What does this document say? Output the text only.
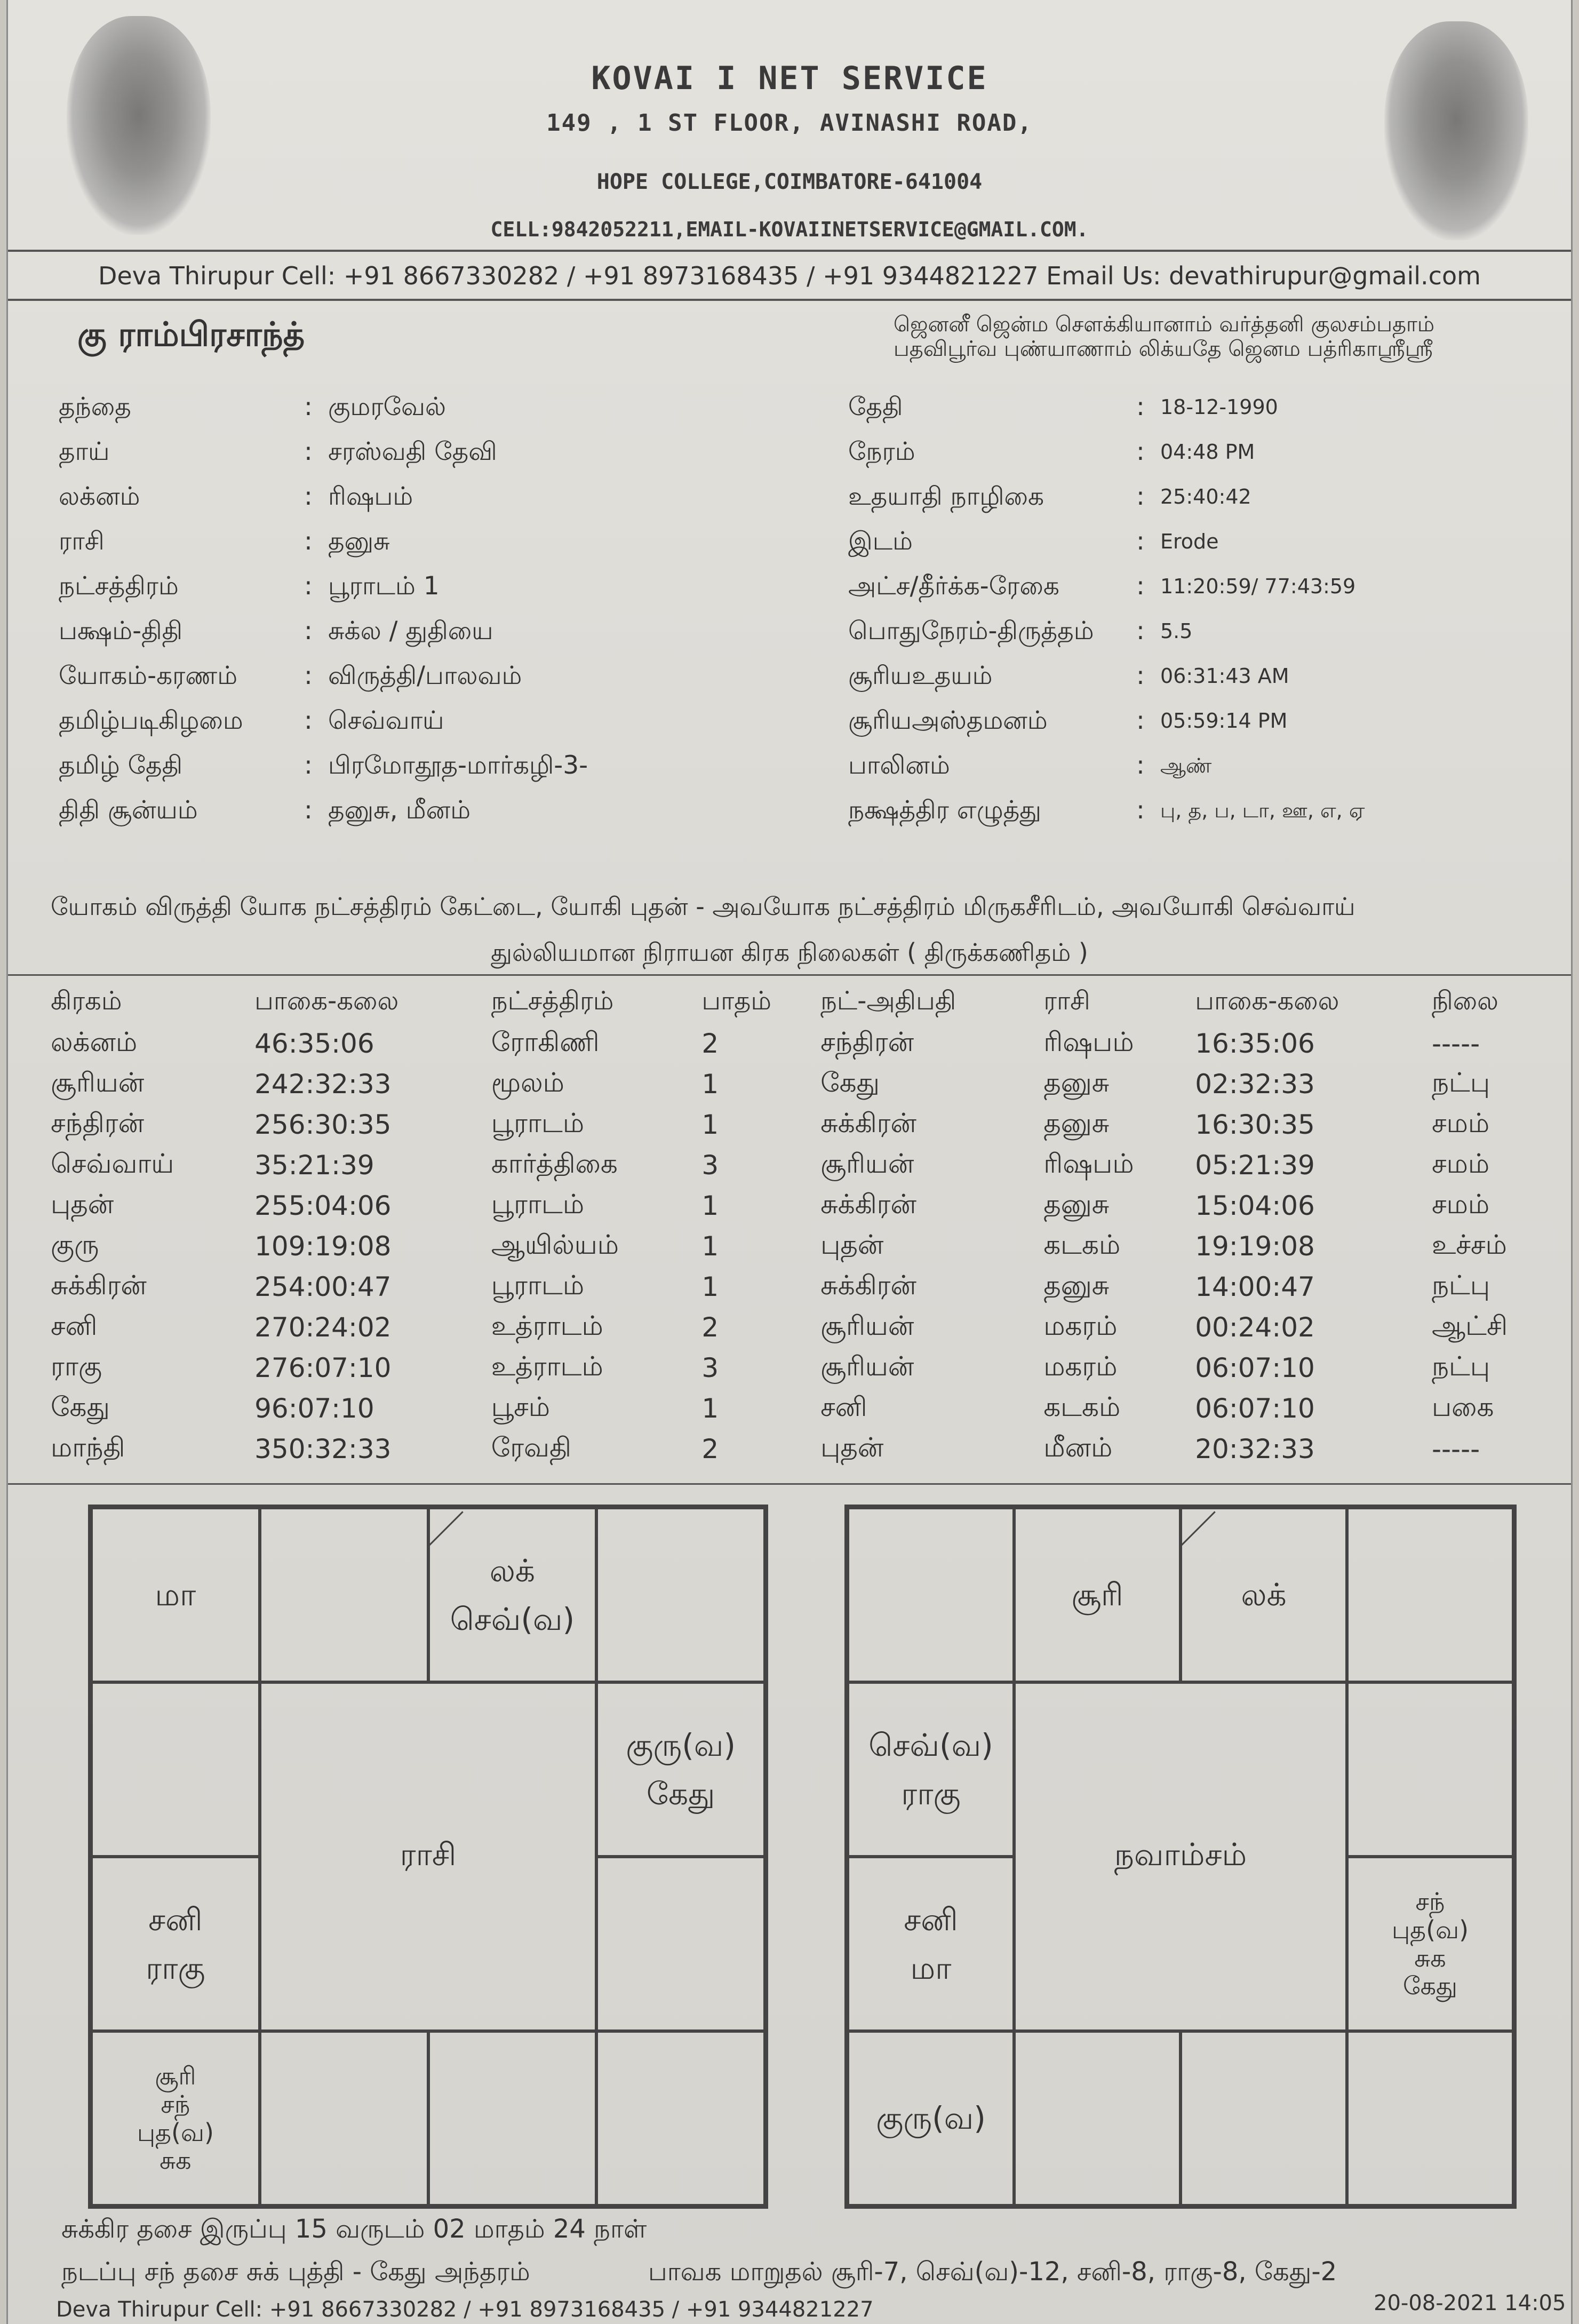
KOVAI I NET SERVICE
149 , 1 ST FLOOR, AVINASHI ROAD,
HOPE COLLEGE,COIMBATORE-641004
CELL:9842052211,EMAIL-KOVAIINETSERVICE@GMAIL.COM.
Deva Thirupur Cell: +91 8667330282 / +91 8973168435 / +91 9344821227 Email Us: devathirupur@gmail.com
கு ராம்பிரசாந்த்	ஜெனனீ ஜென்ம சௌக்கியானாம் வர்த்தனி குலசம்பதாம் பதவிபூர்வ புண்யாணாம் லிக்யதே ஜெனம பத்ரிகாஸ்ரீஸ்ரீ
தந்தை	: குமரவேல்
தாய்	: சரஸ்வதி தேவி
லக்னம்	: ரிஷபம்
ராசி	: தனுசு
நட்சத்திரம்	: பூராடம் 1
பக்ஷம்-திதி	: சுக்ல / துதியை
யோகம்-கரணம்	: விருத்தி/பாலவம்
தமிழ்படிகிழமை : செவ்வாய்
தமிழ் தேதி	: பிரமோதூத-மார்கழி-3-
திதி சூன்யம்	: தனுசு, மீனம்
தேதி	: 18-12-1990
நேரம்	: 04:48 PM
உதயாதி நாழிகை	: 25:40:42
இடம்	: Erode
அட்ச/தீர்க்க-ரேகை	: 11:20:59/ 77:43:59
பொதுநேரம்-திருத்தம் : 5.5
சூரியஉதயம்	: 06:31:43 AM
சூரியஅஸ்தமனம்	: 05:59:14 PM
பாலினம்	: ஆண்
நக்ஷத்திர எழுத்து	: பு, த, ப, டா, ஊ, எ, ஏ
யோகம் விருத்தி யோக நட்சத்திரம் கேட்டை, யோகி புதன் - அவயோக நட்சத்திரம் மிருகசீரிடம், அவயோகி செவ்வாய்
துல்லியமான நிராயன கிரக நிலைகள் ( திருக்கணிதம் )
கிரகம்	பாகை-கலை	நட்சத்திரம்	பாதம்	நட்-அதிபதி	ராசி	பாகை-கலை	நிலை
லக்னம்	46:35:06	ரோகிணி	2	சந்திரன்	ரிஷபம்	16:35:06	-----
சூரியன்	242:32:33	மூலம்	1	கேது	தனுசு	02:32:33	நட்பு
சந்திரன்	256:30:35	பூராடம்	1	சுக்கிரன்	தனுசு	16:30:35	சமம்
செவ்வாய்	35:21:39	கார்த்திகை	3	சூரியன்	ரிஷபம்	05:21:39	சமம்
புதன்	255:04:06	பூராடம்	1	சுக்கிரன்	தனுசு	15:04:06	சமம்
குரு	109:19:08	ஆயில்யம்	1	புதன்	கடகம்	19:19:08	உச்சம்
சுக்கிரன்	254:00:47	பூராடம்	1	சுக்கிரன்	தனுசு	14:00:47	நட்பு
சனி	270:24:02	உத்ராடம்	2	சூரியன்	மகரம்	00:24:02	ஆட்சி
ராகு	276:07:10	உத்ராடம்	3	சூரியன்	மகரம்	06:07:10	நட்பு
கேது	96:07:10	பூசம்	1	சனி	கடகம்	06:07:10	பகை
மாந்தி	350:32:33	ரேவதி	2	புதன்	மீனம்	20:32:33	-----
மா
லக்
செவ்(வ)
குரு(வ)
கேது
சனி
ராகு
சூரி
சந்
புத(வ)
சுக
ராசி
சூரி	லக்
செவ்(வ)
ராகு
சனி
மா
சந்
புத(வ)
சுக
கேது
குரு(வ)
நவாம்சம்
சுக்கிர தசை இருப்பு 15 வருடம் 02 மாதம் 24 நாள்
நடப்பு சந் தசை சுக் புத்தி - கேது அந்தரம்	பாவக மாறுதல் சூரி-7, செவ்(வ)-12, சனி-8, ராகு-8, கேது-2
Deva Thirupur Cell: +91 8667330282 / +91 8973168435 / +91 9344821227	20-08-2021 14:05
